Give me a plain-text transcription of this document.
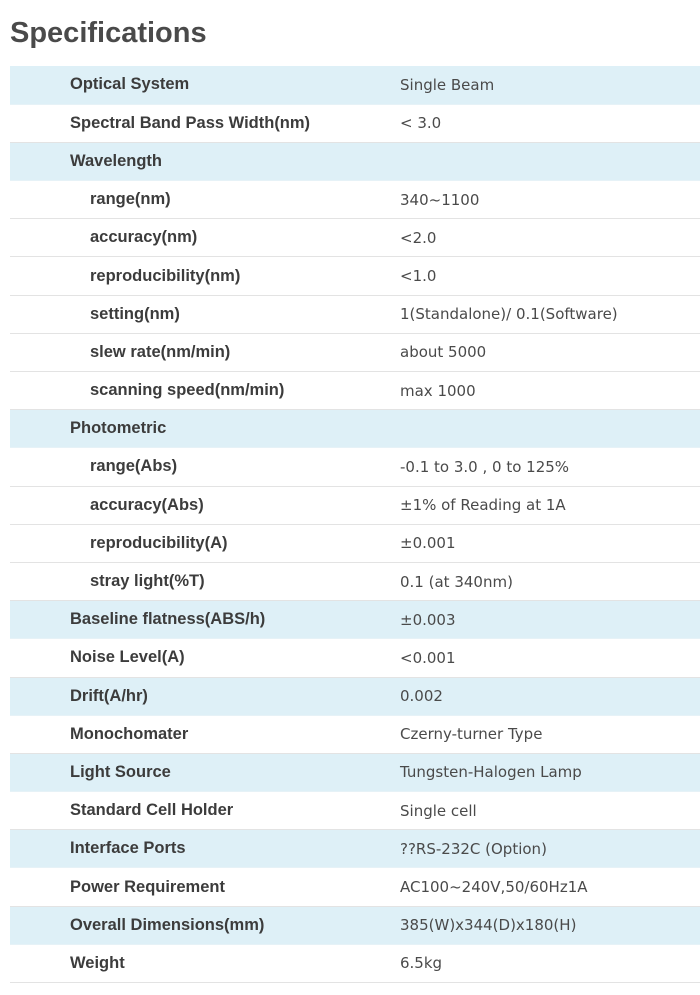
Specifications
Optical System	Single Beam
Spectral Band Pass Width(nm)	< 3.0
Wavelength	
range(nm)	340~1100
accuracy(nm)	<2.0
reproducibility(nm)	<1.0
setting(nm)	1(Standalone)/ 0.1(Software)
slew rate(nm/min)	about 5000
scanning speed(nm/min)	max 1000
Photometric	
range(Abs)	-0.1 to 3.0 , 0 to 125%
accuracy(Abs)	±1% of Reading at 1A
reproducibility(A)	±0.001
stray light(%T)	0.1 (at 340nm)
Baseline flatness(ABS/h)	±0.003
Noise Level(A)	<0.001
Drift(A/hr)	0.002
Monochomater	Czerny-turner Type
Light Source	Tungsten-Halogen Lamp
Standard Cell Holder	Single cell
Interface Ports	??RS-232C (Option)
Power Requirement	AC100~240V,50/60Hz1A
Overall Dimensions(mm)	385(W)x344(D)x180(H)
Weight	6.5kg
